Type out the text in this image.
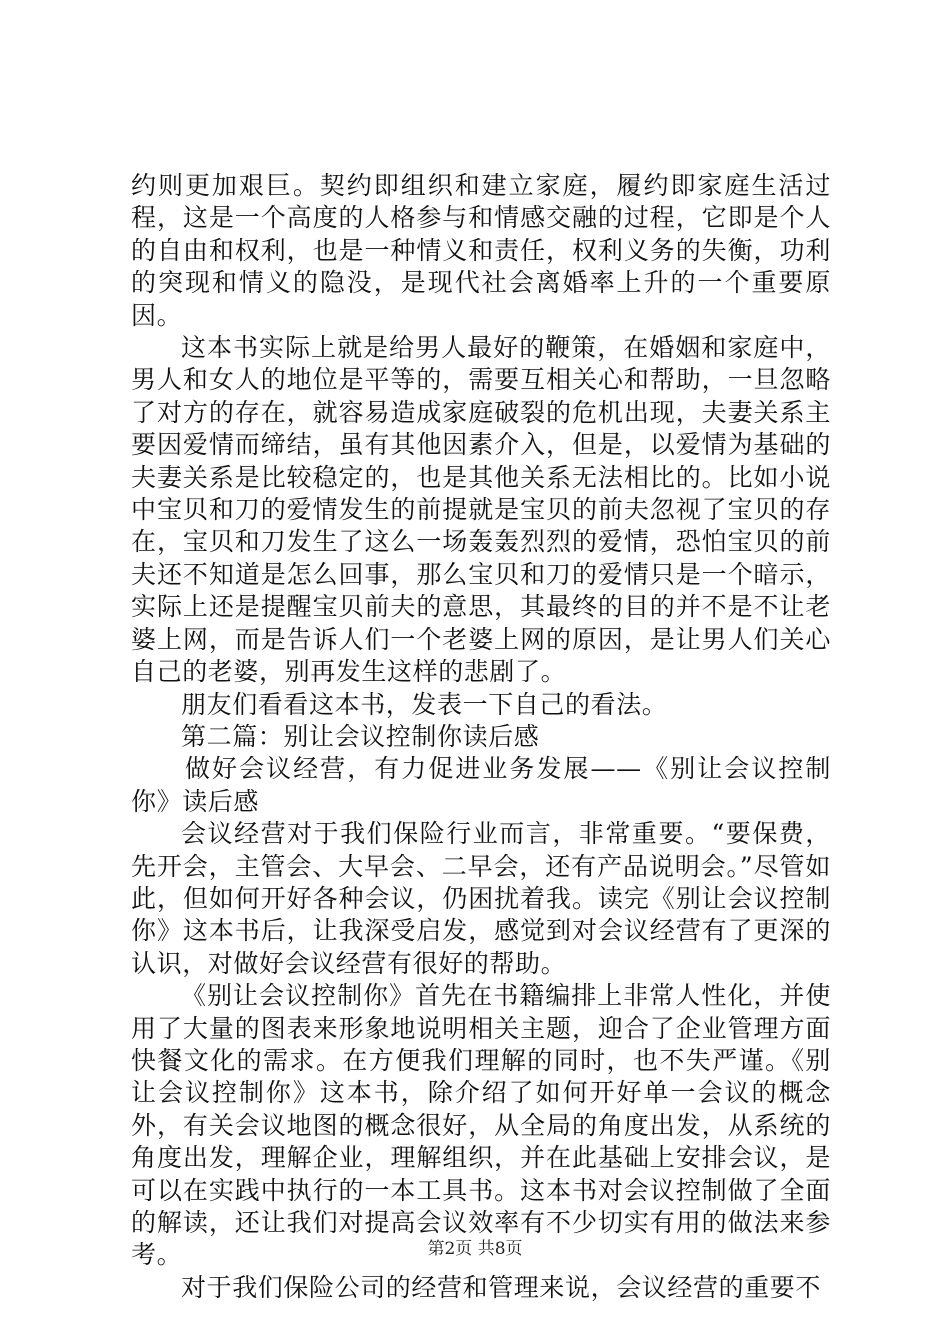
约则更加艰巨。契约即组织和建立家庭，履约即家庭生活过程，这是一个高度的人格参与和情感交融的过程，它即是个人的自由和权利，也是一种情义和责任，权利义务的失衡，功利的突现和情义的隐没，是现代社会离婚率上升的一个重要原因。

这本书实际上就是给男人最好的鞭策，在婚姻和家庭中，男人和女人的地位是平等的，需要互相关心和帮助，一旦忽略了对方的存在，就容易造成家庭破裂的危机出现，夫妻关系主要因爱情而缔结，虽有其他因素介入，但是，以爱情为基础的夫妻关系是比较稳定的，也是其他关系无法相比的。比如小说中宝贝和刀的爱情发生的前提就是宝贝的前夫忽视了宝贝的存在，宝贝和刀发生了这么一场轰轰烈烈的爱情，恐怕宝贝的前夫还不知道是怎么回事，那么宝贝和刀的爱情只是一个暗示，实际上还是提醒宝贝前夫的意思，其最终的目的并不是不让老婆上网，而是告诉人们一个老婆上网的原因，是让男人们关心自己的老婆，别再发生这样的悲剧了。

朋友们看看这本书，发表一下自己的看法。

第二篇：别让会议控制你读后感

做好会议经营，有力促进业务发展——《别让会议控制你》读后感

会议经营对于我们保险行业而言，非常重要。“要保费，先开会，主管会、大早会、二早会，还有产品说明会。”尽管如此，但如何开好各种会议，仍困扰着我。读完《别让会议控制你》这本书后，让我深受启发，感觉到对会议经营有了更深的认识，对做好会议经营有很好的帮助。

《别让会议控制你》首先在书籍编排上非常人性化，并使用了大量的图表来形象地说明相关主题，迎合了企业管理方面快餐文化的需求。在方便我们理解的同时，也不失严谨。《别让会议控制你》这本书，除介绍了如何开好单一会议的概念外，有关会议地图的概念很好，从全局的角度出发，从系统的角度出发，理解企业，理解组织，并在此基础上安排会议，是可以在实践中执行的一本工具书。这本书对会议控制做了全面的解读，还让我们对提高会议效率有不少切实有用的做法来参考。

对于我们保险公司的经营和管理来说，会议经营的重要不

第2页 共8页
